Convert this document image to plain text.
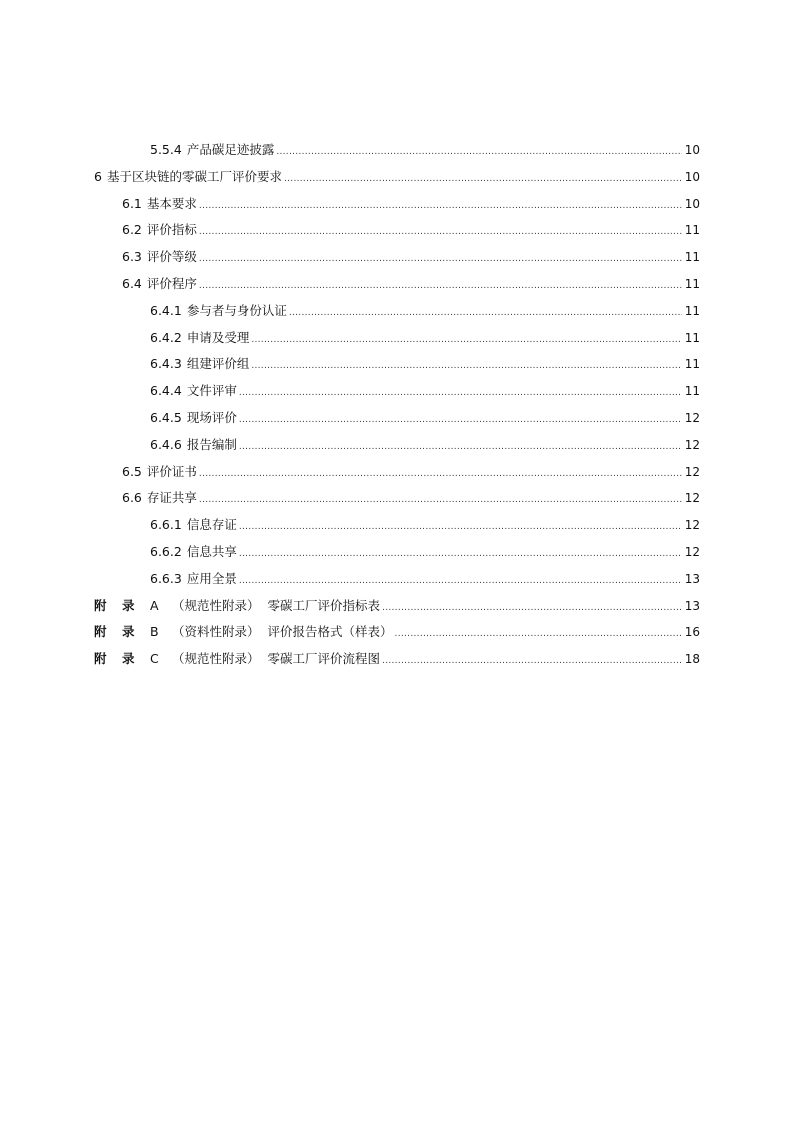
5.5.4 产品碳足迹披露 .....	10
6 基于区块链的零碳工厂评价要求 .....	10
6.1 基本要求 .....	10
6.2 评价指标 .....	11
6.3 评价等级 .....	11
6.4 评价程序 .....	11
6.4.1 参与者与身份认证 .....	11
6.4.2 申请及受理 .....	11
6.4.3 组建评价组 .....	11
6.4.4 文件评审 .....	11
6.4.5 现场评价 .....	12
6.4.6 报告编制 .....	12
6.5 评价证书 .....	12
6.6 存证共享 .....	12
6.6.1 信息存证 .....	12
6.6.2 信息共享 .....	12
6.6.3 应用全景 .....	13
附 录 A	（规范性附录） 零碳工厂评价指标表 .....	13
附 录 B	（资料性附录） 评价报告格式（样表） .....	16
附 录 C	（规范性附录） 零碳工厂评价流程图 .....	18
